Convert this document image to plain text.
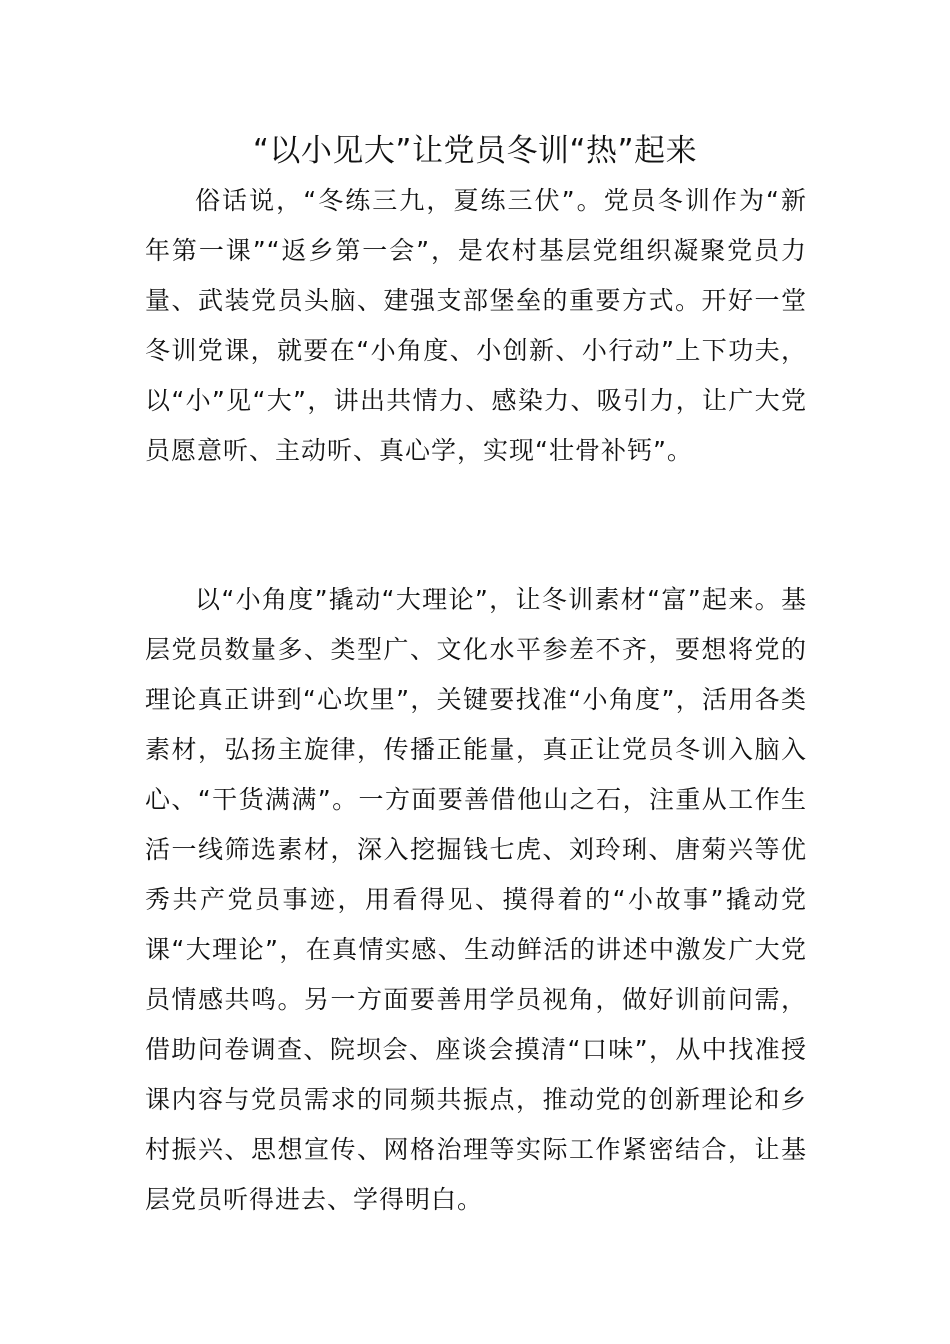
“以小见大”让党员冬训“热”起来

俗话说，“冬练三九，夏练三伏”。党员冬训作为“新年第一课”“返乡第一会”，是农村基层党组织凝聚党员力量、武装党员头脑、建强支部堡垒的重要方式。开好一堂冬训党课，就要在“小角度、小创新、小行动”上下功夫，以“小”见“大”，讲出共情力、感染力、吸引力，让广大党员愿意听、主动听、真心学，实现“壮骨补钙”。

以“小角度”撬动“大理论”，让冬训素材“富”起来。基层党员数量多、类型广、文化水平参差不齐，要想将党的理论真正讲到“心坎里”，关键要找准“小角度”，活用各类素材，弘扬主旋律，传播正能量，真正让党员冬训入脑入心、“干货满满”。一方面要善借他山之石，注重从工作生活一线筛选素材，深入挖掘钱七虎、刘玲琍、唐菊兴等优秀共产党员事迹，用看得见、摸得着的“小故事”撬动党课“大理论”，在真情实感、生动鲜活的讲述中激发广大党员情感共鸣。另一方面要善用学员视角，做好训前问需，借助问卷调查、院坝会、座谈会摸清“口味”，从中找准授课内容与党员需求的同频共振点，推动党的创新理论和乡村振兴、思想宣传、网格治理等实际工作紧密结合，让基层党员听得进去、学得明白。
